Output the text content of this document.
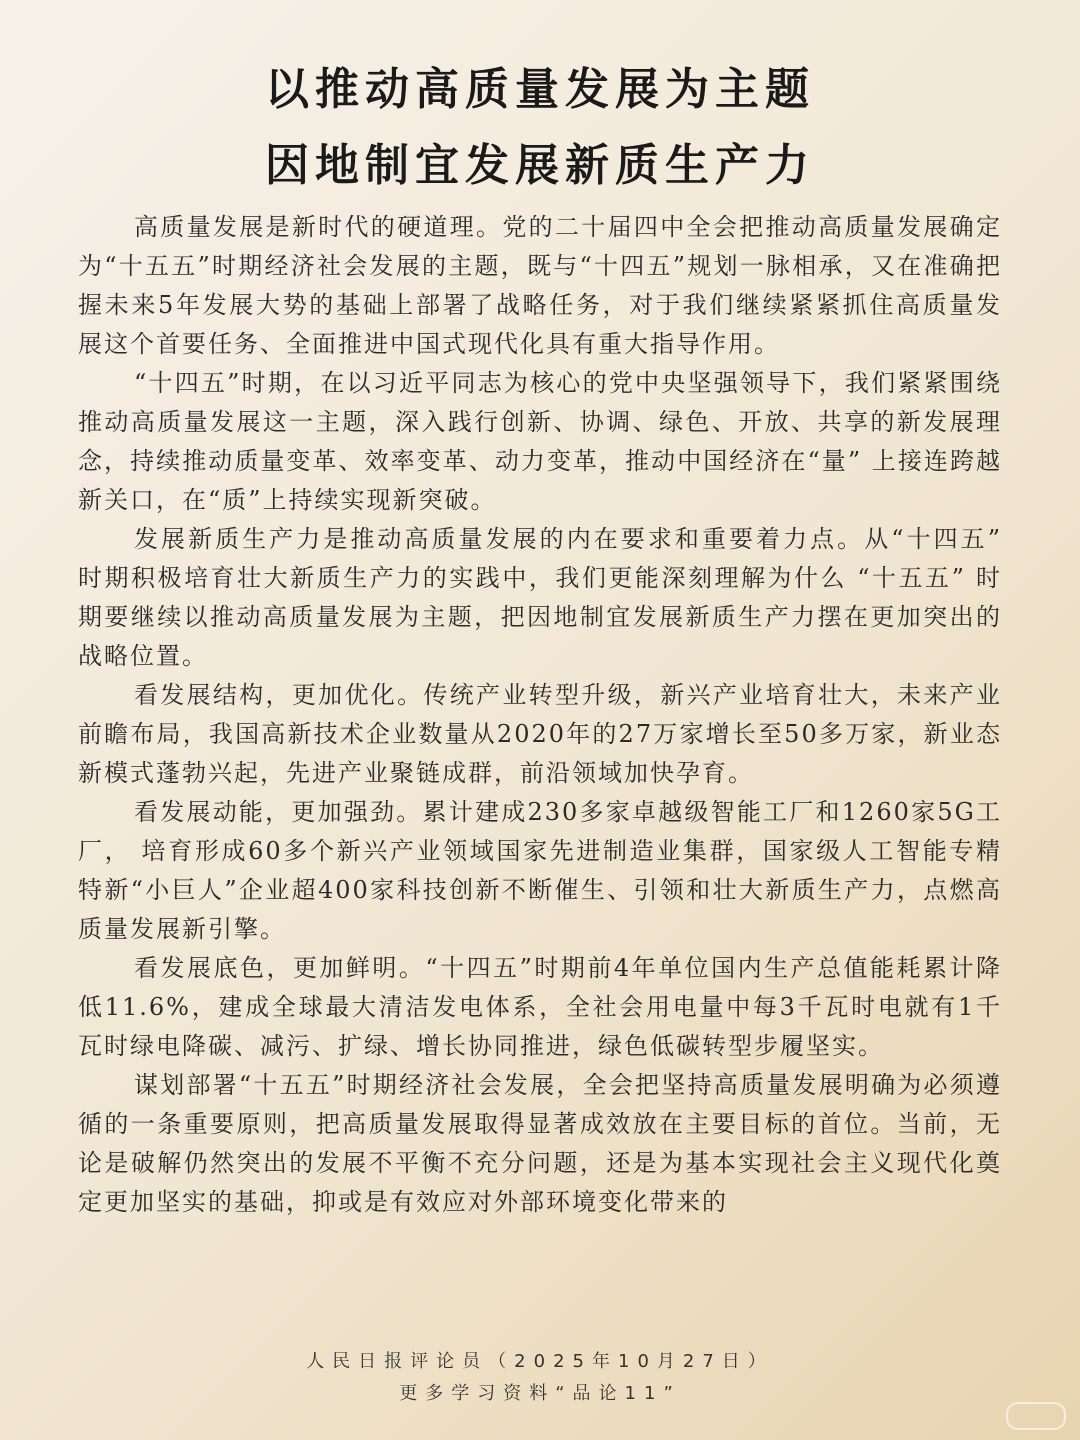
以推动高质量发展为主题
因地制宜发展新质生产力

高质量发展是新时代的硬道理。党的二十届四中全会把推动高质量发展确定为“十五五”时期经济社会发展的主题，既与“十四五”规划一脉相承，又在准确把握未来5年发展大势的基础上部署了战略任务，对于我们继续紧紧抓住高质量发展这个首要任务、全面推进中国式现代化具有重大指导作用。

“十四五”时期，在以习近平同志为核心的党中央坚强领导下，我们紧紧围绕推动高质量发展这一主题，深入践行创新、协调、绿色、开放、共享的新发展理念，持续推动质量变革、效率变革、动力变革，推动中国经济在“量” 上接连跨越新关口，在“质”上持续实现新突破。

发展新质生产力是推动高质量发展的内在要求和重要着力点。从“十四五” 时期积极培育壮大新质生产力的实践中，我们更能深刻理解为什么 “十五五” 时期要继续以推动高质量发展为主题，把因地制宜发展新质生产力摆在更加突出的战略位置。

看发展结构，更加优化。传统产业转型升级，新兴产业培育壮大，未来产业前瞻布局，我国高新技术企业数量从2020年的27万家增长至50多万家，新业态新模式蓬勃兴起，先进产业聚链成群，前沿领域加快孕育。

看发展动能，更加强劲。累计建成230多家卓越级智能工厂和1260家5G工厂， 培育形成60多个新兴产业领域国家先进制造业集群，国家级人工智能专精特新“小巨人”企业超400家科技创新不断催生、引领和壮大新质生产力，点燃高质量发展新引擎。

看发展底色，更加鲜明。“十四五”时期前4年单位国内生产总值能耗累计降低11.6%，建成全球最大清洁发电体系，全社会用电量中每3千瓦时电就有1千瓦时绿电降碳、减污、扩绿、增长协同推进，绿色低碳转型步履坚实。

谋划部署“十五五”时期经济社会发展，全会把坚持高质量发展明确为必须遵循的一条重要原则，把高质量发展取得显著成效放在主要目标的首位。当前，无论是破解仍然突出的发展不平衡不充分问题，还是为基本实现社会主义现代化奠定更加坚实的基础，抑或是有效应对外部环境变化带来的

人民日报评论员（2025年10月27日）
更多学习资料“品论11”
